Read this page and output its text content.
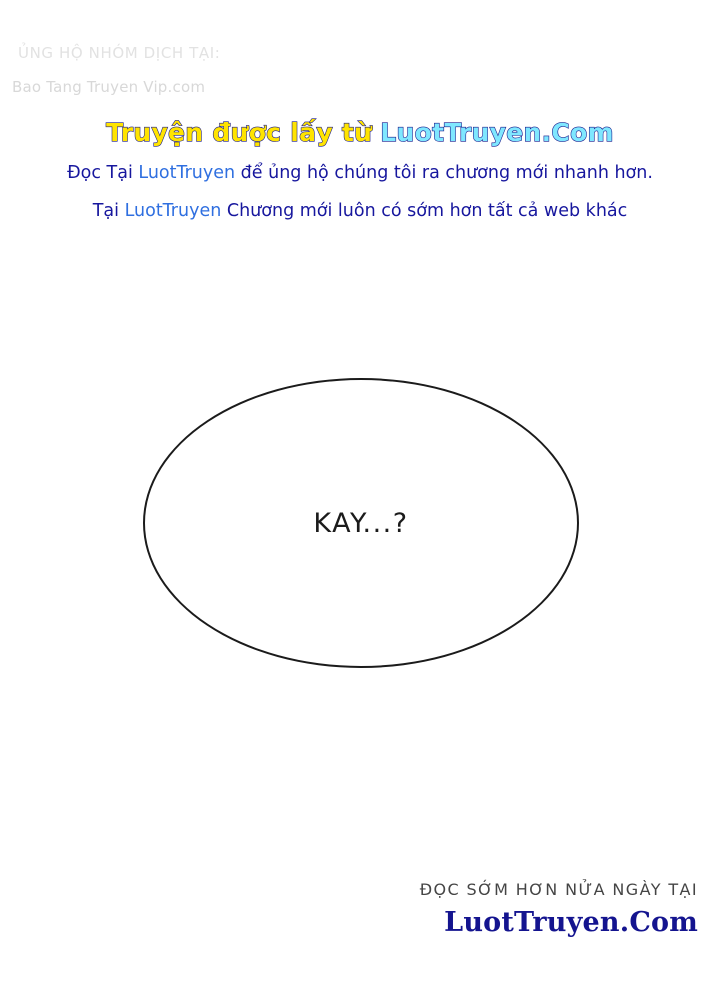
ỦNG HỘ NHÓM DỊCH TẠI:
Bao Tang Truyen Vip.com
Truyện được lấy từ LuotTruyen.Com
Đọc Tại LuotTruyen để ủng hộ chúng tôi ra chương mới nhanh hơn.
Tại LuotTruyen Chương mới luôn có sớm hơn tất cả web khác
KAY...?
ĐỌC SỚM HƠN NỬA NGÀY TẠI
LuotTruyen.Com
